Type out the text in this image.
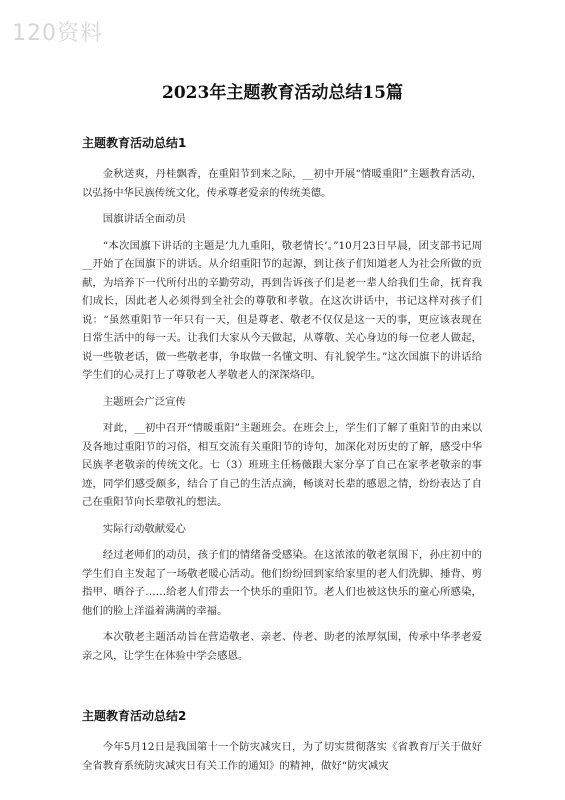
120资料
2023年主题教育活动总结15篇
主题教育活动总结1

金秋送爽，丹桂飘香，在重阳节到来之际，__初中开展“情暖重阳”主题教育活动，以弘扬中华民族传统文化，传承尊老爱亲的传统美德。

国旗讲话全面动员

“本次国旗下讲话的主题是‘九九重阳，敬老情长’。”10月23日早晨，团支部书记周__开始了在国旗下的讲话。从介绍重阳节的起源，到让孩子们知道老人为社会所做的贡献，为培养下一代所付出的辛勤劳动，再到告诉孩子们是老一辈人给我们生命，抚育我们成长，因此老人必须得到全社会的尊敬和孝敬。在这次讲话中，书记这样对孩子们说：“虽然重阳节一年只有一天，但是尊老、敬老不仅仅是这一天的事，更应该表现在日常生活中的每一天。让我们大家从今天做起，从尊敬、关心身边的每一位老人做起，说一些敬老话，做一些敬老事，争取做一名懂文明、有礼貌学生。”这次国旗下的讲话给学生们的心灵打上了尊敬老人孝敬老人的深深烙印。

主题班会广泛宣传

对此，__初中召开“情暖重阳”主题班会。在班会上，学生们了解了重阳节的由来以及各地过重阳节的习俗，相互交流有关重阳节的诗句，加深化对历史的了解，感受中华民族孝老敬亲的传统文化。七（3）班班主任杨薇跟大家分享了自己在家孝老敬亲的事迹，同学们感受颇多，结合了自己的生活点滴，畅谈对长辈的感恩之情，纷纷表达了自己在重阳节向长辈敬礼的想法。

实际行动敬献爱心

经过老师们的动员，孩子们的情绪备受感染。在这浓浓的敬老氛围下，孙庄初中的学生们自主发起了一场敬老暖心活动。他们纷纷回到家给家里的老人们洗脚、捶背、剪指甲、晒谷子……给老人们带去一个快乐的重阳节。老人们也被这快乐的童心所感染，他们的脸上洋溢着满满的幸福。

本次敬老主题活动旨在营造敬老、亲老、侍老、助老的浓厚氛围，传承中华孝老爱亲之风，让学生在体验中学会感恩。

主题教育活动总结2

今年5月12日是我国第十一个防灾减灾日，为了切实贯彻落实《省教育厅关于做好全省教育系统防灾减灾日有关工作的通知》的精神，做好“防灾减灾
